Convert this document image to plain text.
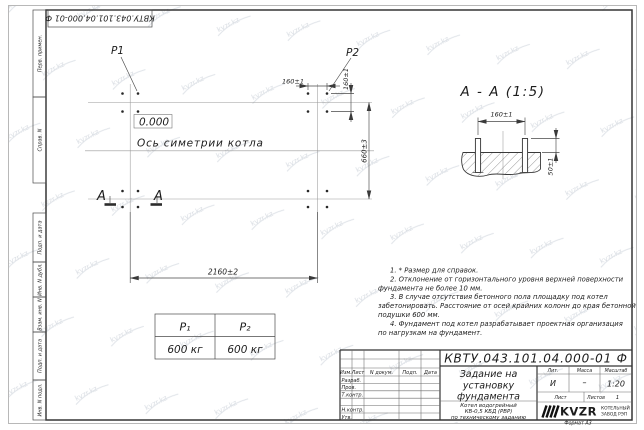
Перв. примен.
Справ. N
Подп. и дата
Инв. N дубл.
Взам. инв. N
Подп. и дата
Инв. N подл.
КВТУ.043.101.04.000-01 Ф
P1	P2
160±1	160±1
660±3
2160±2
0.000
Ось симетрии котла
А	А
А - А (1:5)
160±1
50±1
P₁	P₂
600 кг 600 кг
1. * Размер для справок.
2. Отклонение от горизонтального уровня верхней поверхности
фундамента не более 10 мм.
3. В случае отсутствия бетонного пола площадку под котел
забетонировать. Расстояние от осей крайних колонн до края бетонной
подушки 600 мм.
4. Фундамент под котел разрабатывает проектная организация
по нагрузкам на фундамент.
КВТУ.043.101.04.000-01 Ф
Изм. Лист N докум. Подп. Дата
Разраб.
Пров.
Т.контр.
Н.контр.
Утв.
Задание на
установку
фундамента
Котел водогрейный
КВ-0,5 КБД (РВР)
по техническому заданию
Лит.	Масса	Масштаб
И	–	1:20
Лист	Листов 1
KVZR КОТЕЛЬНЫЙ
ЗАВОД РЭП
Формат А3
